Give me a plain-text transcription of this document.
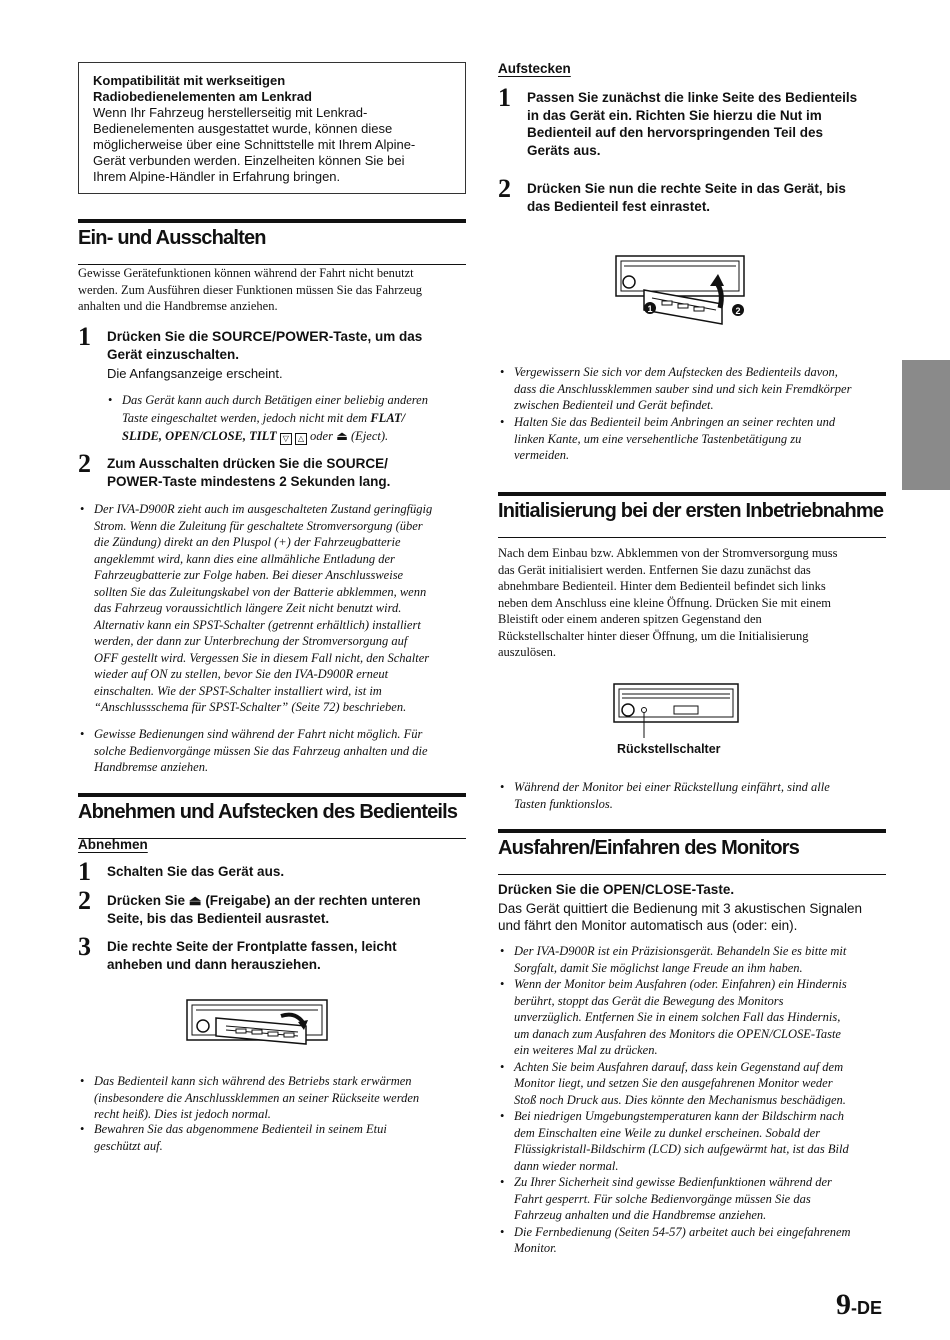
Kompatibilität mit werkseitigen
Radiobedienelementen am Lenkrad
Wenn Ihr Fahrzeug herstellerseitig mit Lenkrad-
Bedienelementen ausgestattet wurde, können diese
möglicherweise über eine Schnittstelle mit Ihrem Alpine-
Gerät verbunden werden. Einzelheiten können Sie bei
Ihrem Alpine-Händler in Erfahrung bringen.
Ein- und Ausschalten
Gewisse Gerätefunktionen können während der Fahrt nicht benutzt
werden. Zum Ausführen dieser Funktionen müssen Sie das Fahrzeug
anhalten und die Handbremse anziehen.
1 Drücken Sie die SOURCE/POWER-Taste, um das
Gerät einzuschalten.
Die Anfangsanzeige erscheint.
• Das Gerät kann auch durch Betätigen einer beliebig anderen
Taste eingeschaltet werden, jedoch nicht mit dem FLAT/
SLIDE, OPEN/CLOSE, TILT ▽ △ oder ⏏ (Eject).
2 Zum Ausschalten drücken Sie die SOURCE/
POWER-Taste mindestens 2 Sekunden lang.
• Der IVA-D900R zieht auch im ausgeschalteten Zustand geringfügig
Strom. Wenn die Zuleitung für geschaltete Stromversorgung (über
die Zündung) direkt an den Pluspol (+) der Fahrzeugbatterie
angeklemmt wird, kann dies eine allmähliche Entladung der
Fahrzeugbatterie zur Folge haben. Bei dieser Anschlussweise
sollten Sie das Zuleitungskabel von der Batterie abklemmen, wenn
das Fahrzeug voraussichtlich längere Zeit nicht benutzt wird.
Alternativ kann ein SPST-Schalter (getrennt erhältlich) installiert
werden, der dann zur Unterbrechung der Stromversorgung auf
OFF gestellt wird. Vergessen Sie in diesem Fall nicht, den Schalter
wieder auf ON zu stellen, bevor Sie den IVA-D900R erneut
einschalten. Wie der SPST-Schalter installiert wird, ist im
“Anschlussschema für SPST-Schalter” (Seite 72) beschrieben.
• Gewisse Bedienungen sind während der Fahrt nicht möglich. Für
solche Bedienvorgänge müssen Sie das Fahrzeug anhalten und die
Handbremse anziehen.
Abnehmen und Aufstecken des Bedienteils
Abnehmen
1 Schalten Sie das Gerät aus.
2 Drücken Sie ⏏ (Freigabe) an der rechten unteren
Seite, bis das Bedienteil ausrastet.
3 Die rechte Seite der Frontplatte fassen, leicht
anheben und dann herausziehen.
• Das Bedienteil kann sich während des Betriebs stark erwärmen
(insbesondere die Anschlussklemmen an seiner Rückseite werden
recht heiß). Dies ist jedoch normal.
• Bewahren Sie das abgenommene Bedienteil in seinem Etui
geschützt auf.
Aufstecken
1 Passen Sie zunächst die linke Seite des Bedienteils
in das Gerät ein. Richten Sie hierzu die Nut im
Bedienteil auf den hervorspringenden Teil des
Geräts aus.
2 Drücken Sie nun die rechte Seite in das Gerät, bis
das Bedienteil fest einrastet.
1	2
• Vergewissern Sie sich vor dem Aufstecken des Bedienteils davon,
dass die Anschlussklemmen sauber sind und sich kein Fremdkörper
zwischen Bedienteil und Gerät befindet.
• Halten Sie das Bedienteil beim Anbringen an seiner rechten und
linken Kante, um eine versehentliche Tastenbetätigung zu
vermeiden.
Initialisierung bei der ersten Inbetriebnahme
Nach dem Einbau bzw. Abklemmen von der Stromversorgung muss
das Gerät initialisiert werden. Entfernen Sie dazu zunächst das
abnehmbare Bedienteil. Hinter dem Bedienteil befindet sich links
neben dem Anschluss eine kleine Öffnung. Drücken Sie mit einem
Bleistift oder einem anderen spitzen Gegenstand den
Rückstellschalter hinter dieser Öffnung, um die Initialisierung
auszulösen.
Rückstellschalter
• Während der Monitor bei einer Rückstellung einfährt, sind alle
Tasten funktionslos.
Ausfahren/Einfahren des Monitors
Drücken Sie die OPEN/CLOSE-Taste.
Das Gerät quittiert die Bedienung mit 3 akustischen Signalen
und fährt den Monitor automatisch aus (oder: ein).
• Der IVA-D900R ist ein Präzisionsgerät. Behandeln Sie es bitte mit
Sorgfalt, damit Sie möglichst lange Freude an ihm haben.
• Wenn der Monitor beim Ausfahren (oder. Einfahren) ein Hindernis
berührt, stoppt das Gerät die Bewegung des Monitors
unverzüglich. Entfernen Sie in einem solchen Fall das Hindernis,
um danach zum Ausfahren des Monitors die OPEN/CLOSE-Taste
ein weiteres Mal zu drücken.
• Achten Sie beim Ausfahren darauf, dass kein Gegenstand auf dem
Monitor liegt, und setzen Sie den ausgefahrenen Monitor weder
Stoß noch Druck aus. Dies könnte den Mechanismus beschädigen.
• Bei niedrigen Umgebungstemperaturen kann der Bildschirm nach
dem Einschalten eine Weile zu dunkel erscheinen. Sobald der
Flüssigkristall-Bildschirm (LCD) sich aufgewärmt hat, ist das Bild
dann wieder normal.
• Zu Ihrer Sicherheit sind gewisse Bedienfunktionen während der
Fahrt gesperrt. Für solche Bedienvorgänge müssen Sie das
Fahrzeug anhalten und die Handbremse anziehen.
• Die Fernbedienung (Seiten 54-57) arbeitet auch bei eingefahrenem
Monitor.
9-DE
